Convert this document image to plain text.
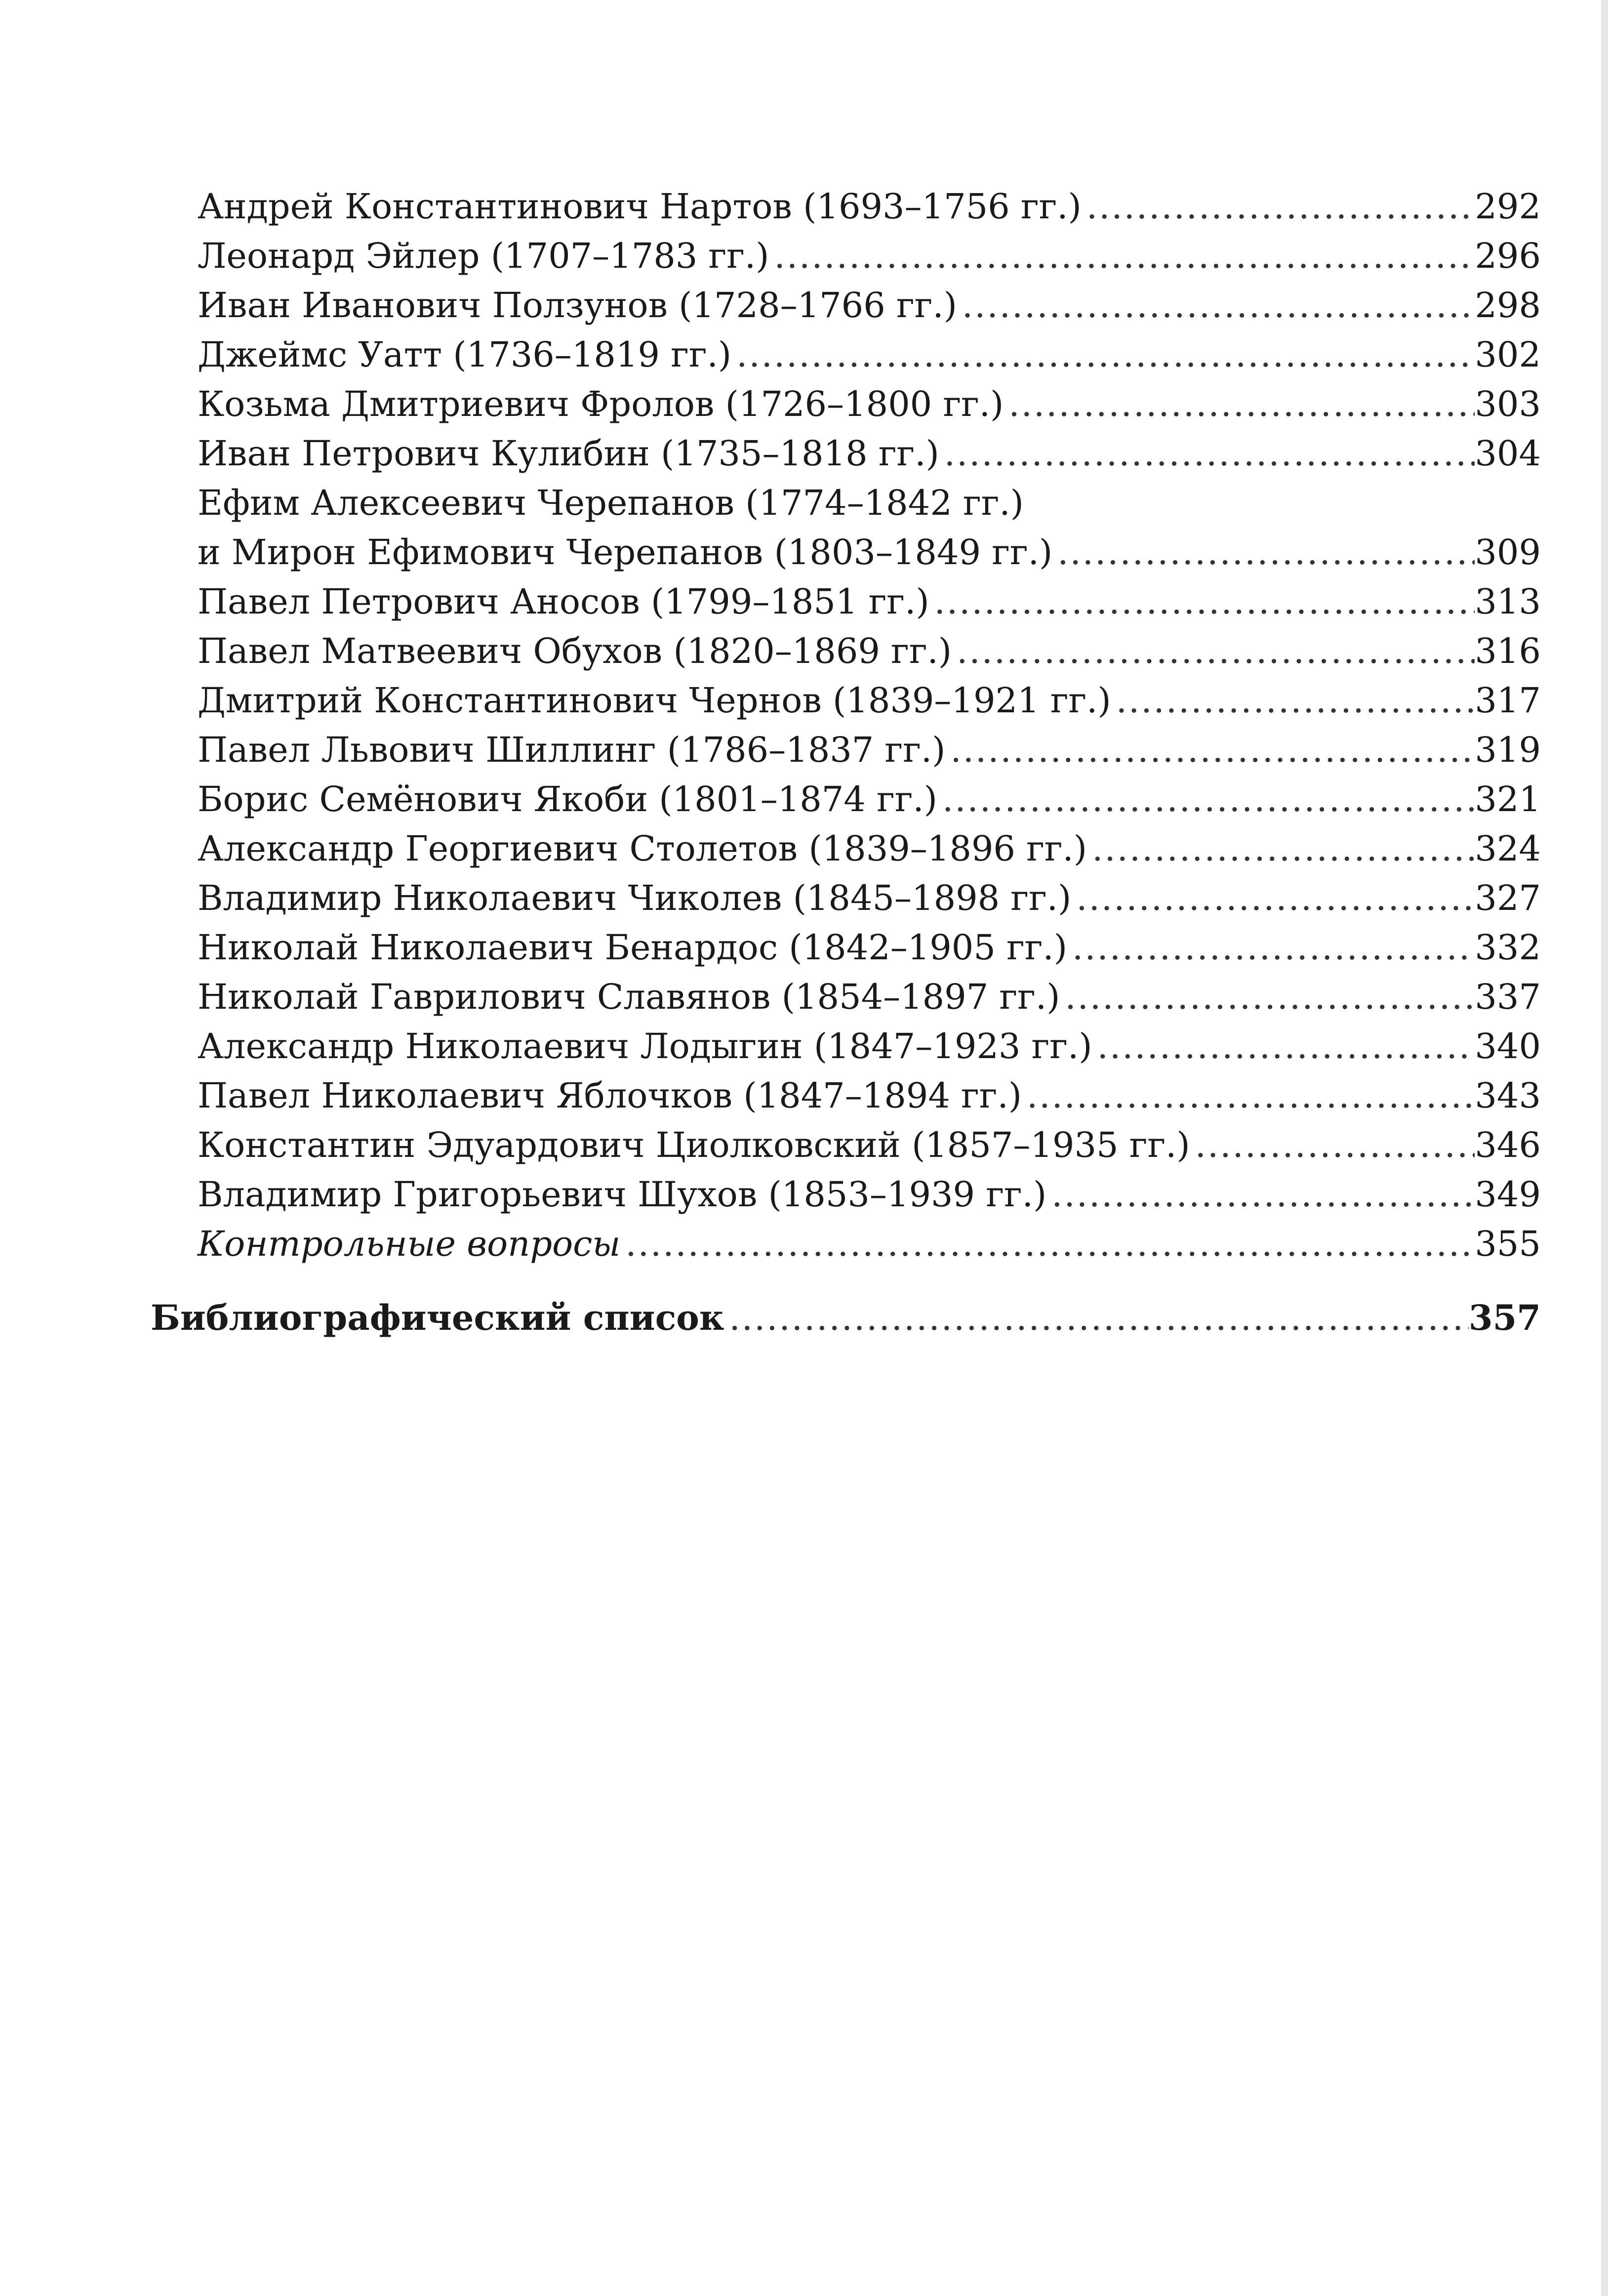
Андрей Константинович Нартов (1693–1756 гг.) .....	292
Леонард Эйлер (1707–1783 гг.) .....	296
Иван Иванович Ползунов (1728–1766 гг.) .....	298
Джеймс Уатт (1736–1819 гг.) .....	302
Козьма Дмитриевич Фролов (1726–1800 гг.) .....	303
Иван Петрович Кулибин (1735–1818 гг.) .....	304
Ефим Алексеевич Черепанов (1774–1842 гг.)
и Мирон Ефимович Черепанов (1803–1849 гг.) .....	309
Павел Петрович Аносов (1799–1851 гг.) .....	313
Павел Матвеевич Обухов (1820–1869 гг.) .....	316
Дмитрий Константинович Чернов (1839–1921 гг.) .....	317
Павел Львович Шиллинг (1786–1837 гг.) .....	319
Борис Семёнович Якоби (1801–1874 гг.) .....	321
Александр Георгиевич Столетов (1839–1896 гг.) .....	324
Владимир Николаевич Чиколев (1845–1898 гг.) .....	327
Николай Николаевич Бенардос (1842–1905 гг.) .....	332
Николай Гаврилович Славянов (1854–1897 гг.) .....	337
Александр Николаевич Лодыгин (1847–1923 гг.) .....	340
Павел Николаевич Яблочков (1847–1894 гг.) .....	343
Константин Эдуардович Циолковский (1857–1935 гг.) .....	346
Владимир Григорьевич Шухов (1853–1939 гг.) .....	349
Контрольные вопросы .....	355
Библиографический список .....	357
